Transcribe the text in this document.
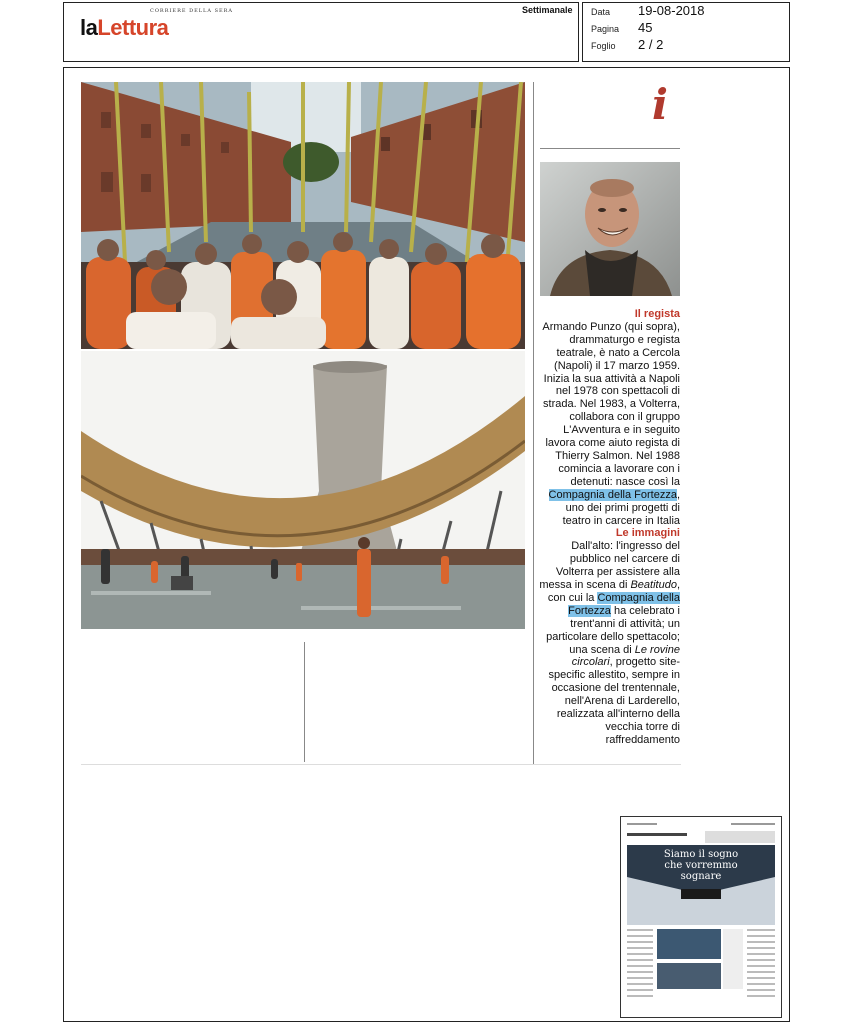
CORRIERE DELLA SERA
laLettura
Settimanale Data 19-08-2018
Pagina 45
Foglio 2 / 2
i
Il regista
Armando Punzo (qui sopra), drammaturgo e regista teatrale, è nato a Cercola (Napoli) il 17 marzo 1959. Inizia la sua attività a Napoli nel 1978 con spettacoli di strada. Nel 1983, a Volterra, collabora con il gruppo L'Avventura e in seguito lavora come aiuto regista di Thierry Salmon. Nel 1988 comincia a lavorare con i detenuti: nasce così la Compagnia della Fortezza, uno dei primi progetti di teatro in carcere in Italia
Le immagini
Dall'alto: l'ingresso del pubblico nel carcere di Volterra per assistere alla messa in scena di Beatitudo, con cui la Compagnia della Fortezza ha celebrato i trent'anni di attività; un particolare dello spettacolo; una scena di Le rovine circolari, progetto site-specific allestito, sempre in occasione del trentennale, nell'Arena di Larderello, realizzata all'interno della vecchia torre di raffreddamento
Siamo il sogno che vorremmo sognare
